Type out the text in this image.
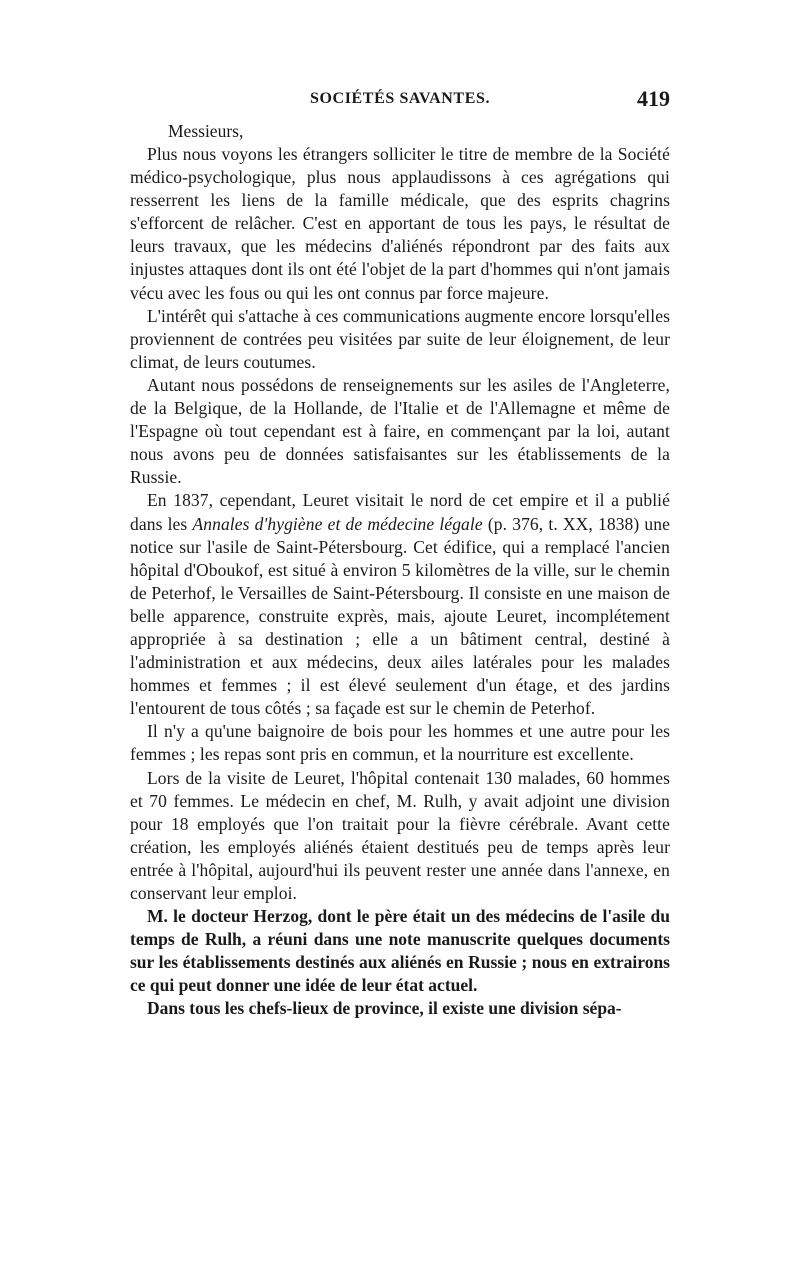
SOCIÉTÉS SAVANTES.	419

Messieurs,

Plus nous voyons les étrangers solliciter le titre de membre de la Société médico-psychologique, plus nous applaudissons à ces agrégations qui resserrent les liens de la famille médicale, que des esprits chagrins s'efforcent de relâcher. C'est en apportant de tous les pays, le résultat de leurs travaux, que les médecins d'aliénés répondront par des faits aux injustes attaques dont ils ont été l'objet de la part d'hommes qui n'ont jamais vécu avec les fous ou qui les ont connus par force majeure.

L'intérêt qui s'attache à ces communications augmente encore lorsqu'elles proviennent de contrées peu visitées par suite de leur éloignement, de leur climat, de leurs coutumes.

Autant nous possédons de renseignements sur les asiles de l'Angleterre, de la Belgique, de la Hollande, de l'Italie et de l'Allemagne et même de l'Espagne où tout cependant est à faire, en commençant par la loi, autant nous avons peu de données satisfaisantes sur les établissements de la Russie.

En 1837, cependant, Leuret visitait le nord de cet empire et il a publié dans les Annales d'hygiène et de médecine légale (p. 376, t. XX, 1838) une notice sur l'asile de Saint-Pétersbourg. Cet édifice, qui a remplacé l'ancien hôpital d'Oboukof, est situé à environ 5 kilomètres de la ville, sur le chemin de Peterhof, le Versailles de Saint-Pétersbourg. Il consiste en une maison de belle apparence, construite exprès, mais, ajoute Leuret, incomplétement appropriée à sa destination ; elle a un bâtiment central, destiné à l'administration et aux médecins, deux ailes latérales pour les malades hommes et femmes ; il est élevé seulement d'un étage, et des jardins l'entourent de tous côtés ; sa façade est sur le chemin de Peterhof.

Il n'y a qu'une baignoire de bois pour les hommes et une autre pour les femmes ; les repas sont pris en commun, et la nourriture est excellente.

Lors de la visite de Leuret, l'hôpital contenait 130 malades, 60 hommes et 70 femmes. Le médecin en chef, M. Rulh, y avait adjoint une division pour 18 employés que l'on traitait pour la fièvre cérébrale. Avant cette création, les employés aliénés étaient destitués peu de temps après leur entrée à l'hôpital, aujourd'hui ils peuvent rester une année dans l'annexe, en conservant leur emploi.

M. le docteur Herzog, dont le père était un des médecins de l'asile du temps de Rulh, a réuni dans une note manuscrite quelques documents sur les établissements destinés aux aliénés en Russie ; nous en extrairons ce qui peut donner une idée de leur état actuel.

Dans tous les chefs-lieux de province, il existe une division sépa-
